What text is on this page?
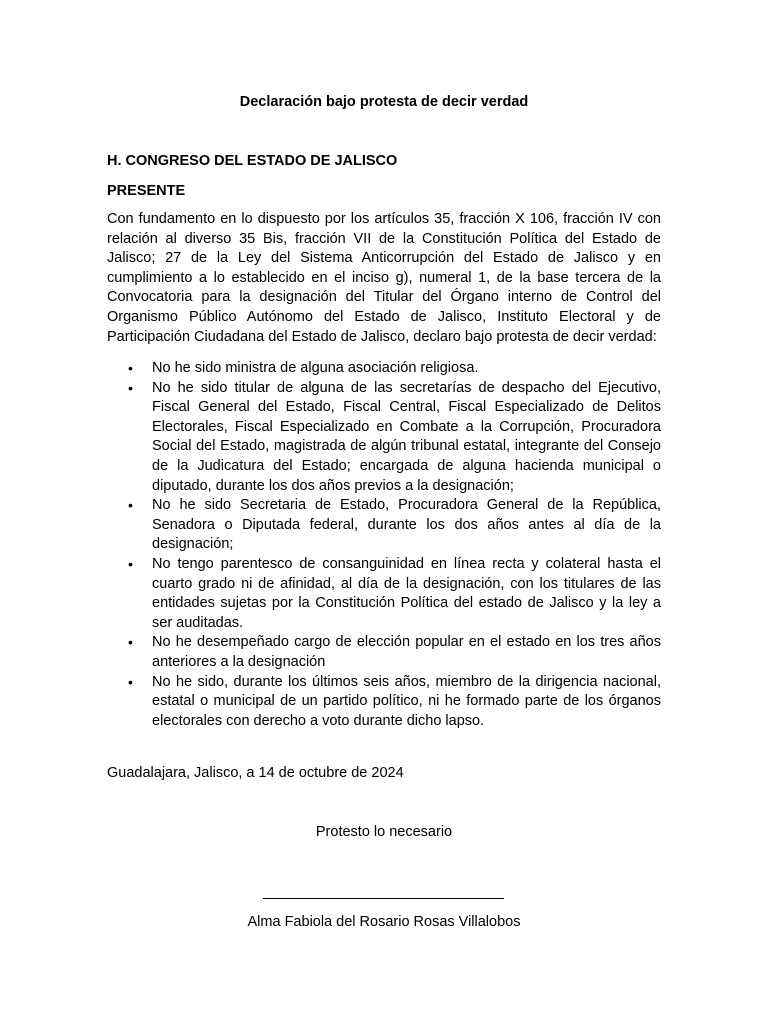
Declaración bajo protesta de decir verdad
H. CONGRESO DEL ESTADO DE JALISCO
PRESENTE
Con fundamento en lo dispuesto por los artículos 35, fracción X 106, fracción IV con relación al diverso 35 Bis, fracción VII de la Constitución Política del Estado de Jalisco; 27 de la Ley del Sistema Anticorrupción del Estado de Jalisco y en cumplimiento a lo establecido en el inciso g), numeral 1, de la base tercera de la Convocatoria para la designación del Titular del Órgano interno de Control del Organismo Público Autónomo del Estado de Jalisco, Instituto Electoral y de Participación Ciudadana del Estado de Jalisco, declaro bajo protesta de decir verdad:
• No he sido ministra de alguna asociación religiosa.
• No he sido titular de alguna de las secretarías de despacho del Ejecutivo, Fiscal General del Estado, Fiscal Central, Fiscal Especializado de Delitos Electorales, Fiscal Especializado en Combate a la Corrupción, Procuradora Social del Estado, magistrada de algún tribunal estatal, integrante del Consejo de la Judicatura del Estado; encargada de alguna hacienda municipal o diputado, durante los dos años previos a la designación;
• No he sido Secretaria de Estado, Procuradora General de la República, Senadora o Diputada federal, durante los dos años antes al día de la designación;
• No tengo parentesco de consanguinidad en línea recta y colateral hasta el cuarto grado ni de afinidad, al día de la designación, con los titulares de las entidades sujetas por la Constitución Política del estado de Jalisco y la ley a ser auditadas.
• No he desempeñado cargo de elección popular en el estado en los tres años anteriores a la designación
• No he sido, durante los últimos seis años, miembro de la dirigencia nacional, estatal o municipal de un partido político, ni he formado parte de los órganos electorales con derecho a voto durante dicho lapso.
Guadalajara, Jalisco, a 14 de octubre de 2024
Protesto lo necesario
Alma Fabiola del Rosario Rosas Villalobos
